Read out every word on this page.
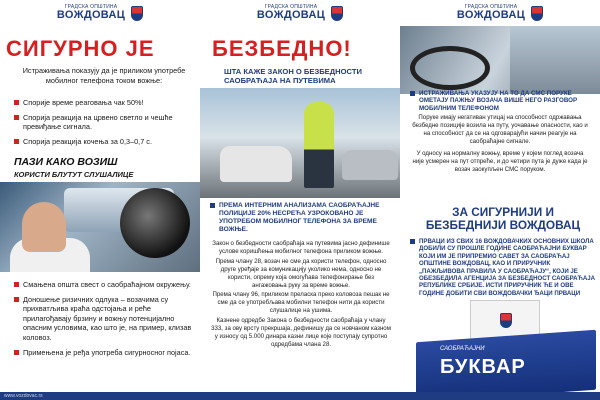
ГРАДСКА ОПШТИНА
ВОЖДОВАЦ
СИГУРНО ЈЕ
Истраживања показују да је приликом употребе мобилног телефона током вожње:
Спорије време реаговања чак 50%!
Спорија реакција на црвено светло и чешће превиђање сигнала.
Спорија реакција кочења за 0,3–0,7 с.
ПАЗИ КАКО ВОЗИШ
КОРИСТИ БЛУТУТ СЛУШАЛИЦЕ
Смањена општа свест о саобраћајном окружењу.
Доношење ризичних одлука – возачима су прихватљива краћа одстојања и реће прилагођавају брзину и вожњу потенцијално опасним условима, као што је, на пример, клизав коловоз.
Примењена је ређа употреба сигурносног појаса.
ГРАДСКА ОПШТИНА
ВОЖДОВАЦ
БЕЗБЕДНО!
ШТА КАЖЕ ЗАКОН О БЕЗБЕДНОСТИ САОБРАЋАЈА НА ПУТЕВИМА
ПРЕМА ИНТЕРНИМ АНАЛИЗАМА САОБРАЋАЈНЕ ПОЛИЦИЈЕ 20% НЕСРЕЋА УЗРОКОВАНО ЈЕ УПОТРЕБОМ МОБИЛНОГ ТЕЛЕФОНА ЗА ВРЕМЕ ВОЖЊЕ.

Закон о безбедности саобраћаја на путевима јасно дефинише услове коришћења мобилног телефона приликом вожње.

Према члану 28, возач не сме да користи телефон, односно друге уређаје за комуникацију уколико нема, односно не користи, опрему која омогућава телефонирање без ангажовања руку за време вожње.

Према члану 96, приликом преласка преко коловоза пешак не сме да се употребљава мобилни телефон нити да користи слушалице на ушима.

Казнене одредбе Закона о безбедности саобраћаја у члану 333, за ову врсту прекршаја, дефинишу да се новчаном казном у износу од 5.000 динара казни лице које поступају супротно одредбама члана 28.

ГРАДСКА ОПШТИНА
ВОЖДОВАЦ
ИСТРАЖИВАЊА УКАЗУЈУ НА ТО ДА СМС ПОРУКЕ ОМЕТАЈУ ПАЖЊУ ВОЗАЧА ВИШЕ НЕГО РАЗГОВОР МОБИЛНИМ ТЕЛЕФОНОМ

Поруке имају негативан утицај на способност одржавања безбедне позиције возила на путу, уочавање опасности, као и на способност да се на одговарајући начин реагује на саобраћајне сигнале.

У односу на нормалну вожњу, време у којем поглед возача није усмерен на пут отпреће, и до четири пута је дуже када је возач заокупљен СМС поруком.

ЗА СИГУРНИЈИ И
БЕЗБЕДНИЈИ ВОЖДОВАЦ
ПРВАЦИ ИЗ СВИХ 16 ВОЖДОВАЧКИХ ОСНОВНИХ ШКОЛА ДОБИЛИ СУ ПРОШЛЕ ГОДИНЕ САОБРАЋАЈНИ БУКВАР КОЈИ ИМ ЈЕ ПРИПРЕМИО САВЕТ ЗА САОБРАЋАЈ ОПШТИНЕ ВОЖДОВАЦ, КАО И ПРИРУЧНИК „ПАЖЉИВОВА ПРАВИЛА У САОБРАЋАЈУ“, КОЈИ ЈЕ ОБЕЗБЕДИЛА АГЕНЦИЈА ЗА БЕЗБЕДНОСТ САОБРАЋАЈА РЕПУБЛИКЕ СРБИЈЕ. ИСТИ ПРИРУЧНИК ЋЕ И ОВЕ ГОДИНЕ ДОБИТИ СВИ ВОЖДОВАЧКИ ЂАЦИ ПРВАЦИ
САОБРАЋАЈНИ
БУКВАР
www.vozdovac.rs
